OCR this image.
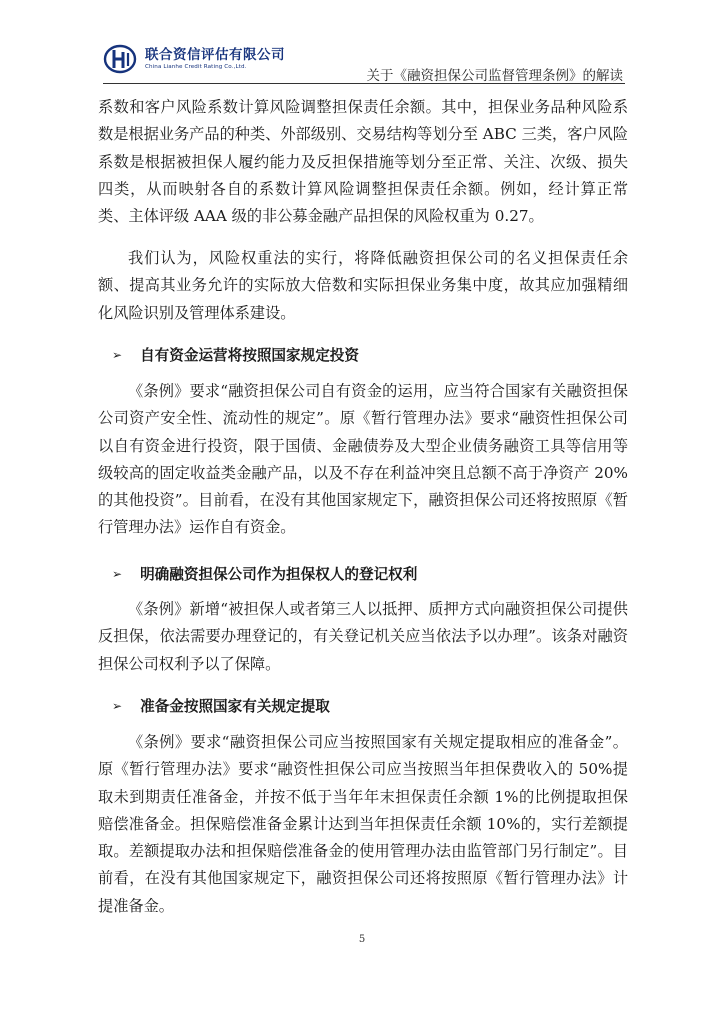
联合资信评估有限公司
China Lianhe Credit Rating Co.,Ltd.
关于《融资担保公司监督管理条例》的解读

系数和客户风险系数计算风险调整担保责任余额。其中，担保业务品种风险系数是根据业务产品的种类、外部级别、交易结构等划分至 ABC 三类，客户风险系数是根据被担保人履约能力及反担保措施等划分至正常、关注、次级、损失四类，从而映射各自的系数计算风险调整担保责任余额。例如，经计算正常类、主体评级 AAA 级的非公募金融产品担保的风险权重为 0.27。

我们认为，风险权重法的实行，将降低融资担保公司的名义担保责任余额、提高其业务允许的实际放大倍数和实际担保业务集中度，故其应加强精细化风险识别及管理体系建设。

➢ 自有资金运营将按照国家规定投资

《条例》要求“融资担保公司自有资金的运用，应当符合国家有关融资担保公司资产安全性、流动性的规定”。原《暂行管理办法》要求“融资性担保公司以自有资金进行投资，限于国债、金融债券及大型企业债务融资工具等信用等级较高的固定收益类金融产品，以及不存在利益冲突且总额不高于净资产 20%的其他投资”。目前看，在没有其他国家规定下，融资担保公司还将按照原《暂行管理办法》运作自有资金。

➢ 明确融资担保公司作为担保权人的登记权利

《条例》新增“被担保人或者第三人以抵押、质押方式向融资担保公司提供反担保，依法需要办理登记的，有关登记机关应当依法予以办理”。该条对融资担保公司权利予以了保障。

➢ 准备金按照国家有关规定提取

《条例》要求“融资担保公司应当按照国家有关规定提取相应的准备金”。原《暂行管理办法》要求“融资性担保公司应当按照当年担保费收入的 50%提取未到期责任准备金，并按不低于当年年末担保责任余额 1%的比例提取担保赔偿准备金。担保赔偿准备金累计达到当年担保责任余额 10%的，实行差额提取。差额提取办法和担保赔偿准备金的使用管理办法由监管部门另行制定”。目前看，在没有其他国家规定下，融资担保公司还将按照原《暂行管理办法》计提准备金。

5
